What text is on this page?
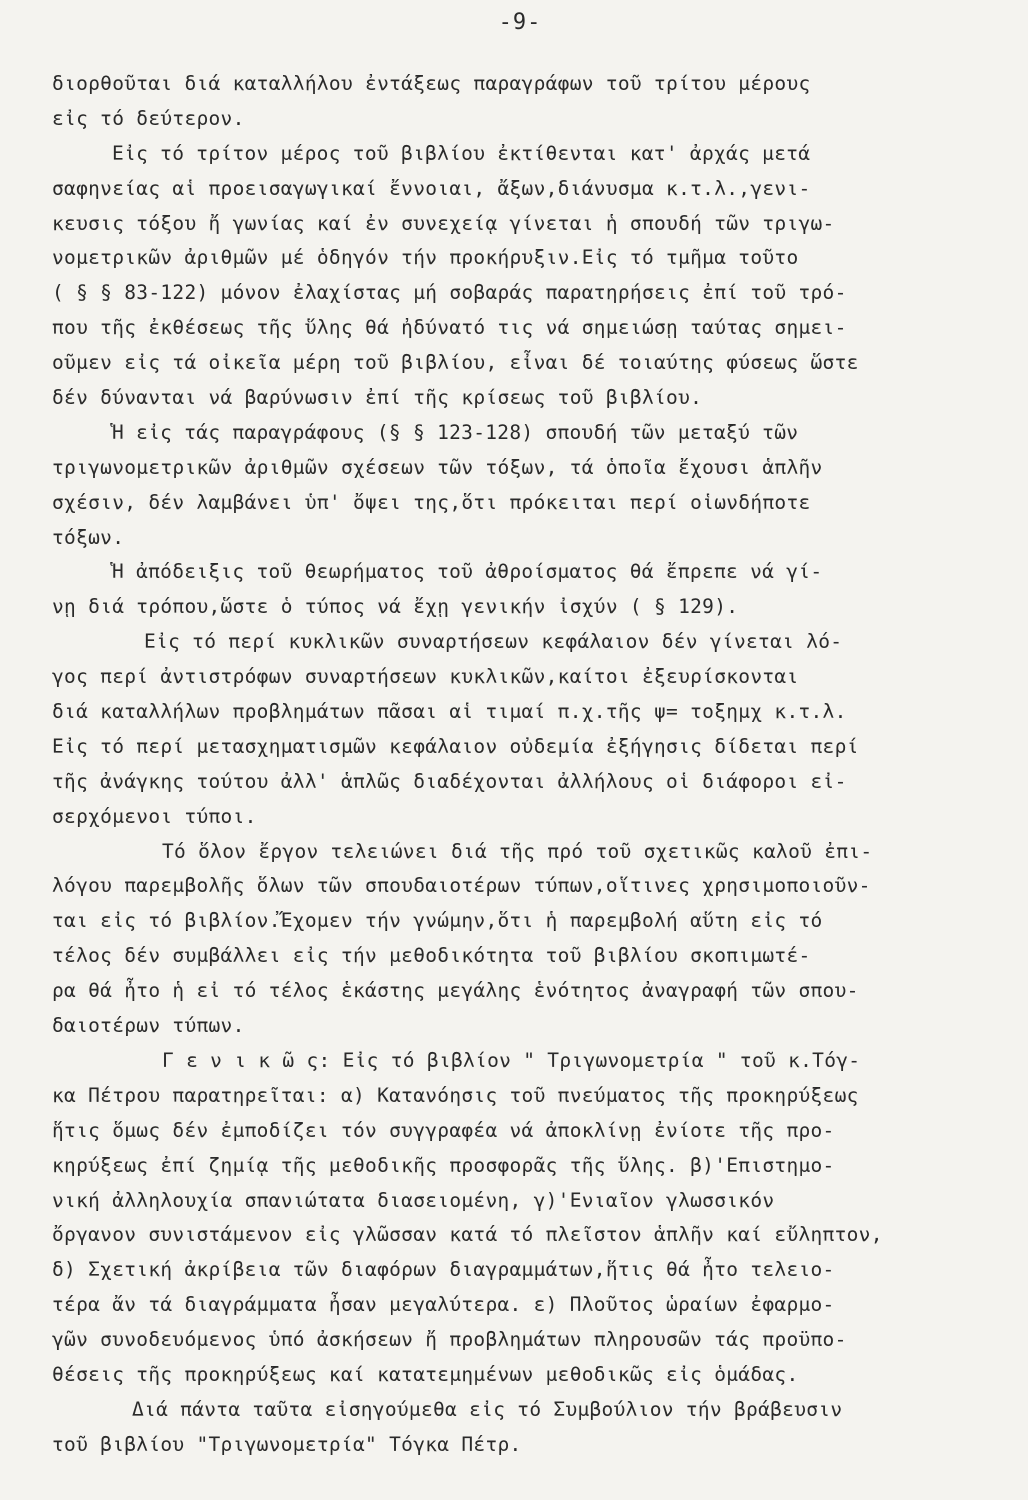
-9-
διορθοῦται διά καταλλήλου ἐντάξεως παραγράφων τοῦ τρίτου μέρους
εἰς τό δεύτερον.
Εἰς τό τρίτον μέρος τοῦ βιβλίου ἐκτίθενται κατ' ἀρχάς μετά
σαφηνείας αἱ προεισαγωγικαί ἔννοιαι, ἄξων,διάνυσμα κ.τ.λ.,γενι-
κευσις τόξου ἤ γωνίας καί ἐν συνεχείᾳ γίνεται ἡ σπουδή τῶν τριγω-
νομετρικῶν ἀριθμῶν μέ ὁδηγόν τήν προκήρυξιν.Εἰς τό τμῆμα τοῦτο
( § § 83-122) μόνον ἐλαχίστας μή σοβαράς παρατηρήσεις ἐπί τοῦ τρό-
που τῆς ἐκθέσεως τῆς ὕλης θά ἠδύνατό τις νά σημειώσῃ ταύτας σημει-
οῦμεν εἰς τά οἰκεῖα μέρη τοῦ βιβλίου, εἶναι δέ τοιαύτης φύσεως ὥστε
δέν δύνανται νά βαρύνωσιν ἐπί τῆς κρίσεως τοῦ βιβλίου.
Ἡ εἰς τάς παραγράφους (§ § 123-128) σπουδή τῶν μεταξύ τῶν
τριγωνομετρικῶν ἀριθμῶν σχέσεων τῶν τόξων, τά ὁποῖα ἔχουσι ἁπλῆν
σχέσιν, δέν λαμβάνει ὑπ' ὄψει της,ὅτι πρόκειται περί οἱωνδήποτε
τόξων.
Ἡ ἀπόδειξις τοῦ θεωρήματος τοῦ ἀθροίσματος θά ἔπρεπε νά γί-
νῃ διά τρόπου,ὥστε ὁ τύπος νά ἔχῃ γενικήν ἰσχύν ( § 129).
Εἰς τό περί κυκλικῶν συναρτήσεων κεφάλαιον δέν γίνεται λό-
γος περί ἀντιστρόφων συναρτήσεων κυκλικῶν,καίτοι ἐξευρίσκονται
διά καταλλήλων προβλημάτων πᾶσαι αἱ τιμαί π.χ.τῆς ψ= τοξημχ κ.τ.λ.
Εἰς τό περί μετασχηματισμῶν κεφάλαιον οὐδεμία ἐξήγησις δίδεται περί
τῆς ἀνάγκης τούτου ἀλλ' ἁπλῶς διαδέχονται ἀλλήλους οἱ διάφοροι εἰ-
σερχόμενοι τύποι.
Τό ὅλον ἔργον τελειώνει διά τῆς πρό τοῦ σχετικῶς καλοῦ ἐπι-
λόγου παρεμβολῆς ὅλων τῶν σπουδαιοτέρων τύπων,οἵτινες χρησιμοποιοῦν-
ται εἰς τό βιβλίον.Ἔχομεν τήν γνώμην,ὅτι ἡ παρεμβολή αὕτη εἰς τό
τέλος δέν συμβάλλει εἰς τήν μεθοδικότητα τοῦ βιβλίου σκοπιμωτέ-
ρα θά ἦτο ἡ εἰ τό τέλος ἑκάστης μεγάλης ἑνότητος ἀναγραφή τῶν σπου-
δαιοτέρων τύπων.
Γ ε ν ι κ ῶ ς: Εἰς τό βιβλίον " Τριγωνομετρία " τοῦ κ.Τόγ-
κα Πέτρου παρατηρεῖται: α) Κατανόησις τοῦ πνεύματος τῆς προκηρύξεως
ἥτις ὅμως δέν ἐμποδίζει τόν συγγραφέα νά ἀποκλίνῃ ἐνίοτε τῆς προ-
κηρύξεως ἐπί ζημίᾳ τῆς μεθοδικῆς προσφορᾶς τῆς ὕλης. β)'Επιστημο-
νική ἀλληλουχία σπανιώτατα διασειομένη, γ)'Ενιαῖον γλωσσικόν
ὄργανον συνιστάμενον εἰς γλῶσσαν κατά τό πλεῖστον ἁπλῆν καί εὔληπτον,
δ) Σχετική ἀκρίβεια τῶν διαφόρων διαγραμμάτων,ἥτις θά ἦτο τελειο-
τέρα ἄν τά διαγράμματα ἦσαν μεγαλύτερα. ε) Πλοῦτος ὡραίων ἐφαρμο-
γῶν συνοδευόμενος ὑπό ἀσκήσεων ἤ προβλημάτων πληρουσῶν τάς προϋπο-
θέσεις τῆς προκηρύξεως καί κατατεμημένων μεθοδικῶς εἰς ὁμάδας.
Διά πάντα ταῦτα εἰσηγούμεθα εἰς τό Συμβούλιον τήν βράβευσιν
τοῦ βιβλίου "Τριγωνομετρία" Τόγκα Πέτρ.
